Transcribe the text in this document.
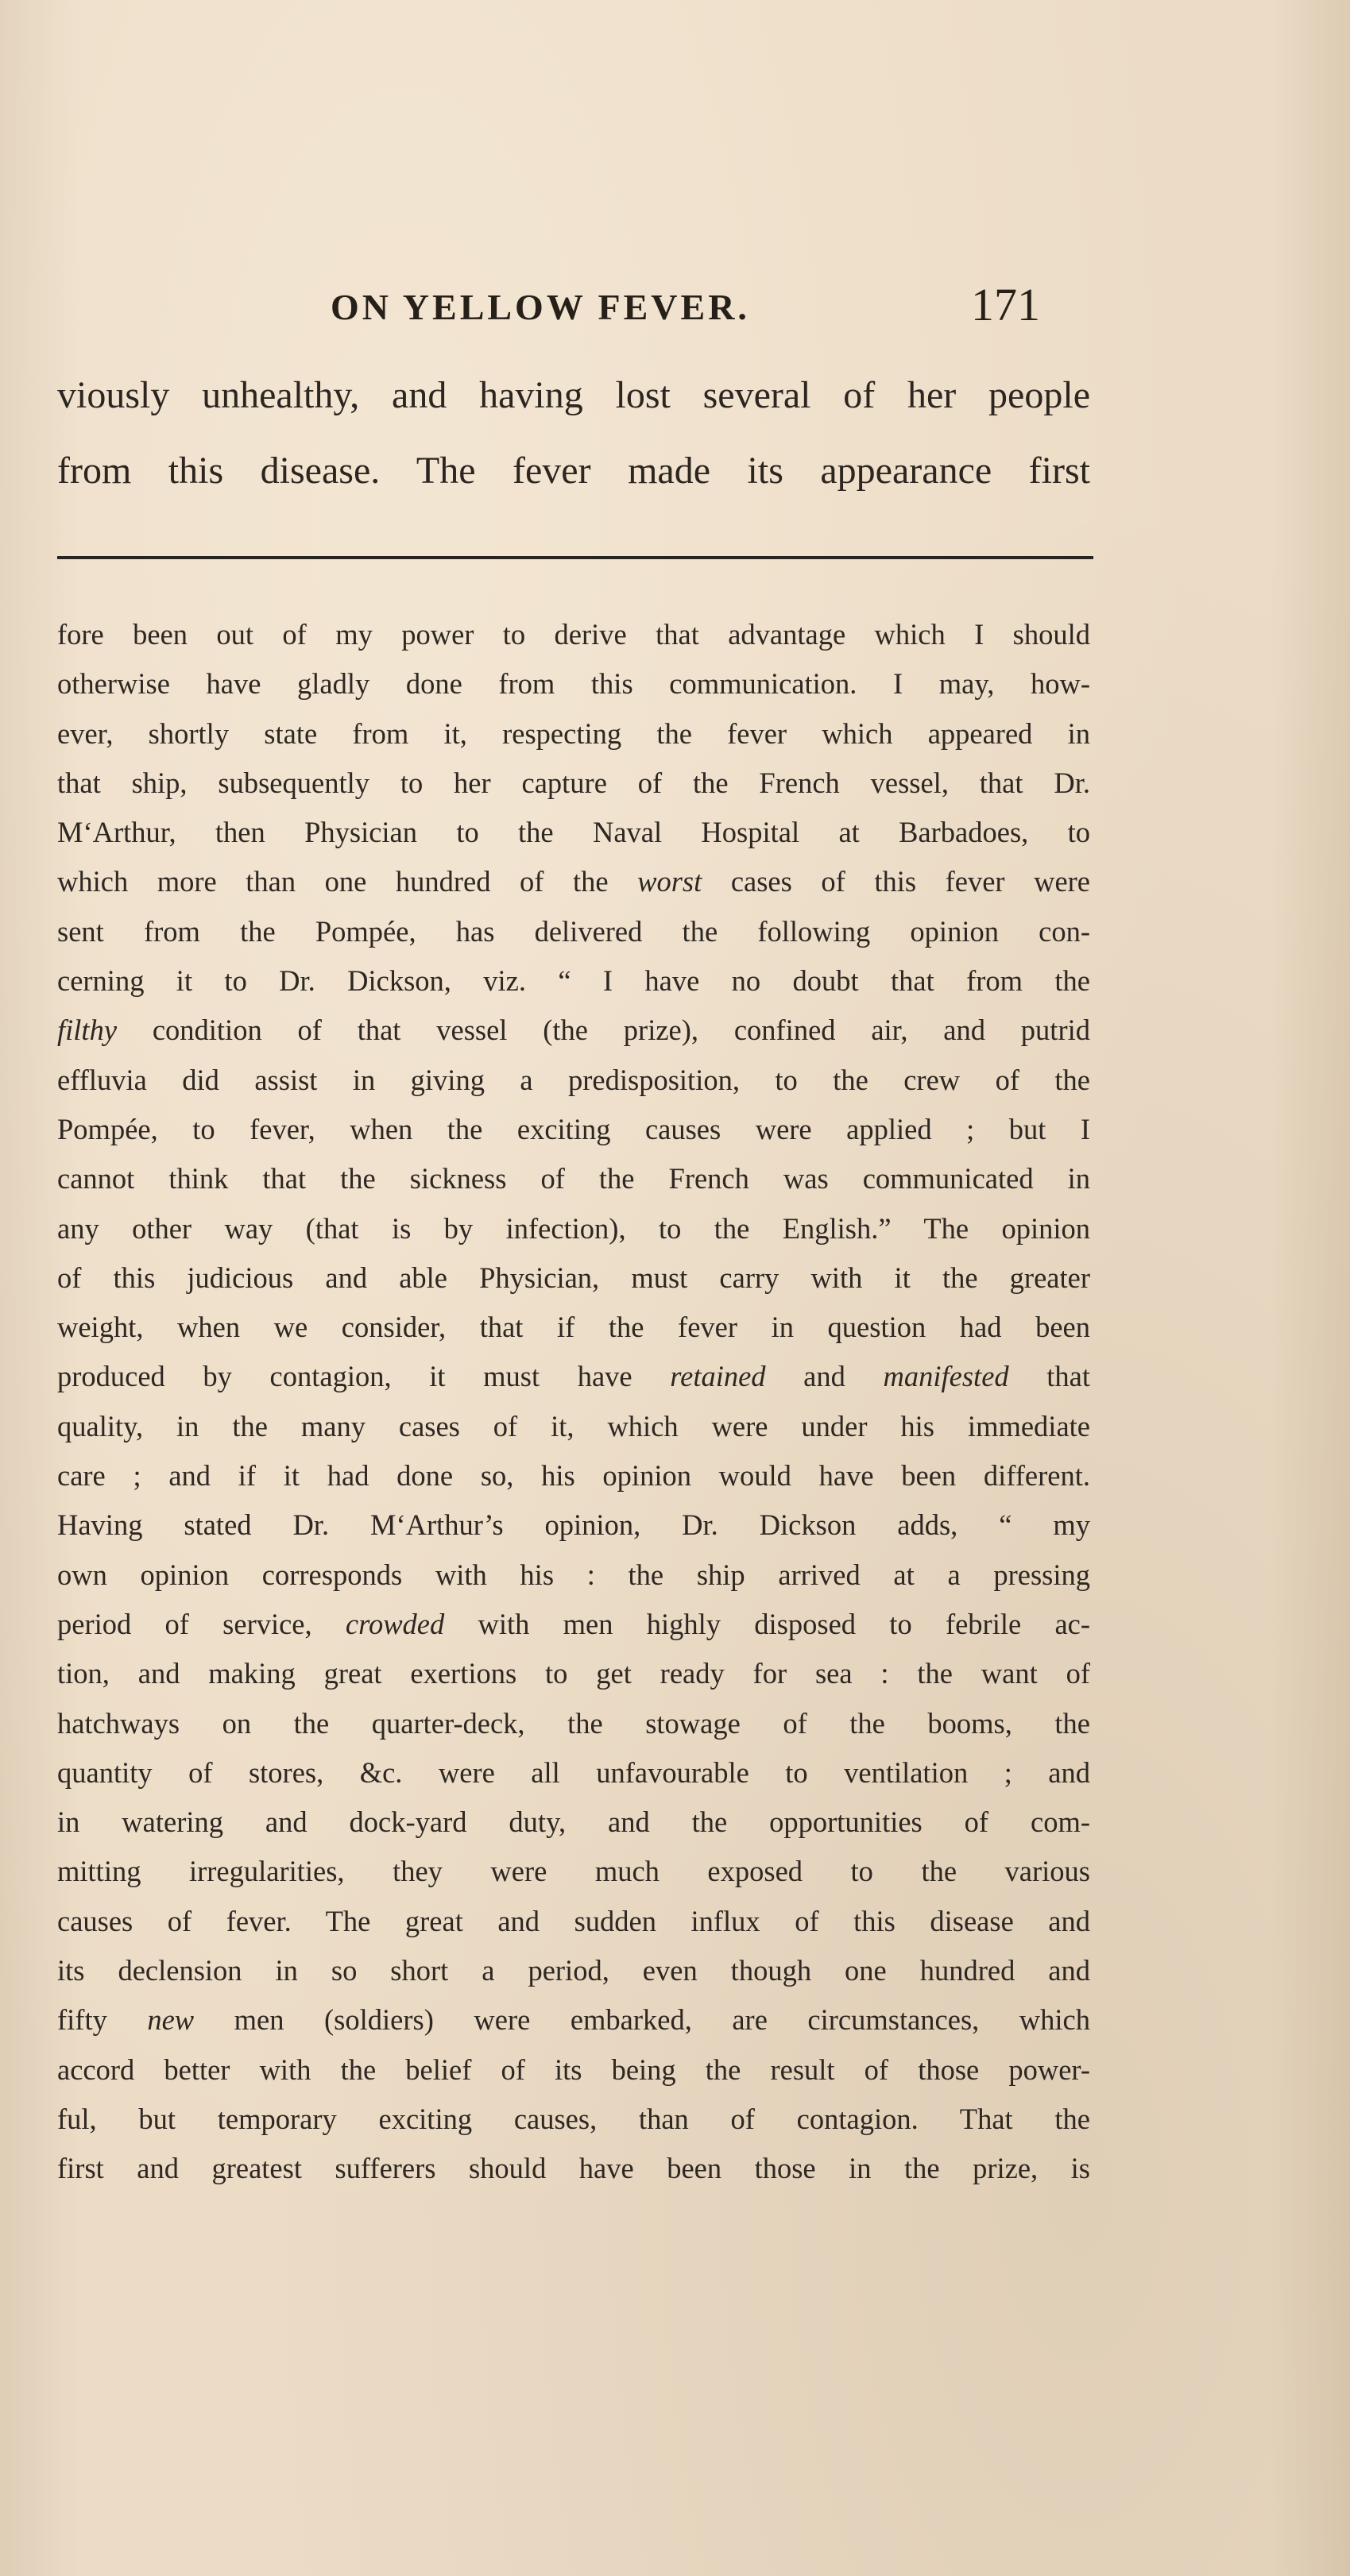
ON YELLOW FEVER.	171
viously unhealthy, and having lost several of her people
from this disease. The fever made its appearance first
fore been out of my power to derive that advantage which I should
otherwise have gladly done from this communication. I may, how-
ever, shortly state from it, respecting the fever which appeared in
that ship, subsequently to her capture of the French vessel, that Dr.
M‘Arthur, then Physician to the Naval Hospital at Barbadoes, to
which more than one hundred of the worst cases of this fever were
sent from the Pompée, has delivered the following opinion con-
cerning it to Dr. Dickson, viz. “ I have no doubt that from the
filthy condition of that vessel (the prize), confined air, and putrid
effluvia did assist in giving a predisposition, to the crew of the
Pompée, to fever, when the exciting causes were applied ; but I
cannot think that the sickness of the French was communicated in
any other way (that is by infection), to the English.” The opinion
of this judicious and able Physician, must carry with it the greater
weight, when we consider, that if the fever in question had been
produced by contagion, it must have retained and manifested that
quality, in the many cases of it, which were under his immediate
care ; and if it had done so, his opinion would have been different.
Having stated Dr. M‘Arthur’s opinion, Dr. Dickson adds, “ my
own opinion corresponds with his : the ship arrived at a pressing
period of service, crowded with men highly disposed to febrile ac-
tion, and making great exertions to get ready for sea : the want of
hatchways on the quarter-deck, the stowage of the booms, the
quantity of stores, &c. were all unfavourable to ventilation ; and
in watering and dock-yard duty, and the opportunities of com-
mitting irregularities, they were much exposed to the various
causes of fever. The great and sudden influx of this disease and
its declension in so short a period, even though one hundred and
fifty new men (soldiers) were embarked, are circumstances, which
accord better with the belief of its being the result of those power-
ful, but temporary exciting causes, than of contagion. That the
first and greatest sufferers should have been those in the prize, is
